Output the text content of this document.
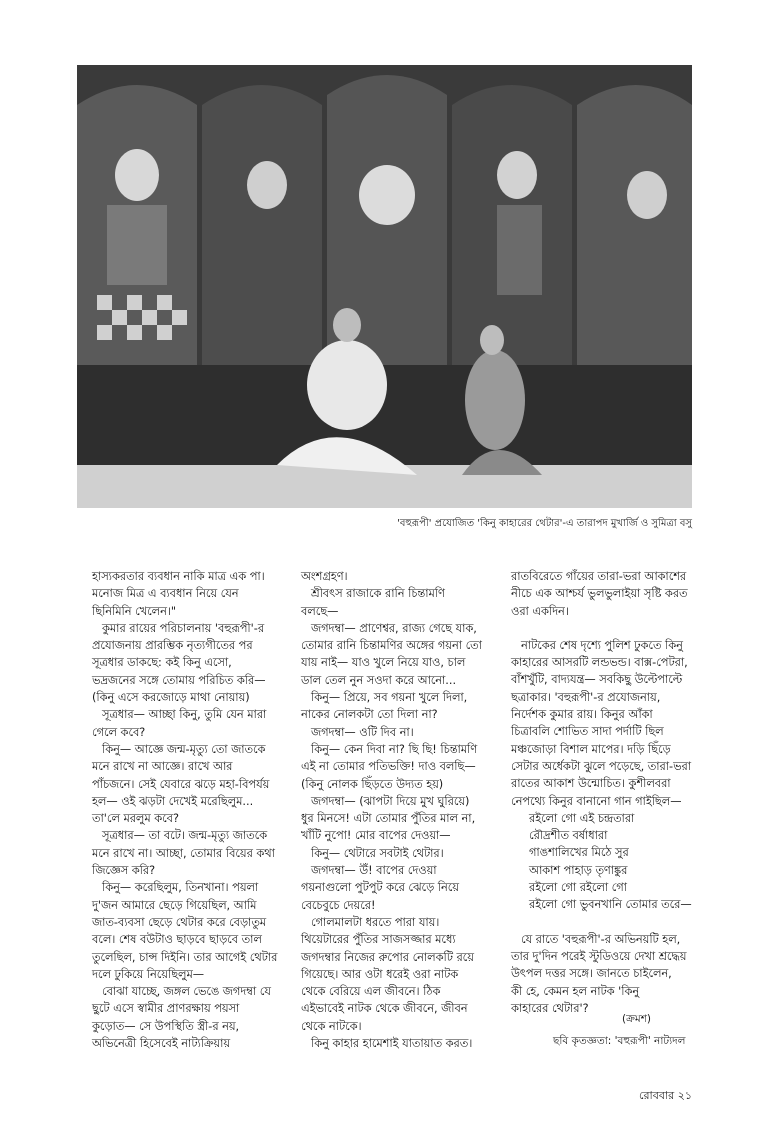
'বহুরূপী' প্রযোজিত 'কিনু কাহারের থেটার'-এ তারাপদ মুখার্জি ও সুমিত্রা বসু

হাস্যকরতার ব্যবধান নাকি মাত্র এক পা।

মনোজ মিত্র এ ব্যবধান নিয়ে যেন

ছিনিমিনি খেলেন।"

কুমার রায়ের পরিচালনায় 'বহুরূপী'-র

প্রযোজনায় প্রারম্ভিক নৃত্যগীতের পর

সূত্রধার ডাকছে: কই কিনু এসো,

ভদ্রজনের সঙ্গে তোমায় পরিচিত করি—

(কিনু এসে করজোড়ে মাথা নোয়ায়)

সূত্রধার— আচ্ছা কিনু, তুমি যেন মারা

গেলে কবে?

কিনু— আজ্ঞে জন্ম-মৃত্যু তো জাতকে

মনে রাখে না আজ্ঞে। রাখে আর

পাঁচজনে। সেই যেবারে ঝড়ে মহা-বিপর্যয়

হল— ওই ঝড়টা দেখেই মরেছিলুম...

তা'লে মরলুম কবে?

সূত্রধার— তা বটে। জন্ম-মৃত্যু জাতকে

মনে রাখে না। আচ্ছা, তোমার বিয়ের কথা

জিজ্ঞেস করি?

কিনু— করেছিলুম, তিনখানা। পয়লা

দু'জন আমারে ছেড়ে গিয়েছিল, আমি

জাত-ব্যবসা ছেড়ে থেটার করে বেড়াতুম

বলে। শেষ বউটাও ছাড়বে ছাড়বে তাল

তুলেছিল, চান্স দিইনি। তার আগেই থেটার

দলে ঢুকিয়ে নিয়েছিলুম—

বোঝা যাচ্ছে, জঙ্গল ভেঙে জগদম্বা যে

ছুটে এসে স্বামীর প্রাণরক্ষায় পয়সা

কুড়োত— সে উপস্থিতি স্ত্রী-র নয়,

অভিনেত্রী হিসেবেই নাট্যক্রিয়ায়

অংশগ্রহণ।

শ্রীবৎস রাজাকে রানি চিন্তামণি

বলছে—

জগদম্বা— প্রাণেশ্বর, রাজ্য গেছে যাক,

তোমার রানি চিন্তামণির অঙ্গের গয়না তো

যায় নাই— যাও খুলে নিয়ে যাও, চাল

ডাল তেল নুন সওদা করে আনো...

কিনু— প্রিয়ে, সব গয়না খুলে দিলা,

নাকের নোলকটা তো দিলা না?

জগদম্বা— ওটি দিব না।

কিনু— কেন দিবা না? ছি ছি! চিন্তামণি

এই না তোমার পতিভক্তি! দাও বলছি—

(কিনু নোলক ছিঁড়তে উদ্যত হয়)

জগদম্বা— (ঝাপটা দিয়ে মুখ ঘুরিয়ে)

ধুর মিনসে! এটা তোমার পুঁতির মাল না,

খাঁটি নুপো! মোর বাপের দেওয়া—

কিনু— থেটারে সবটাই থেটার।

জগদম্বা— উঁ! বাপের দেওয়া

গয়নাগুলো পুটপুট করে ঝেড়ে নিয়ে

বেচেবুচে দেয়রে!

গোলমালটা ধরতে পারা যায়।

থিয়েটারের পুঁতির সাজসজ্জার মধ্যে

জগদম্বার নিজের রুপোর নোলকটি রয়ে

গিয়েছে। আর ওটা ধরেই ওরা নাটক

থেকে বেরিয়ে এল জীবনে। ঠিক

এইভাবেই নাটক থেকে জীবনে, জীবন

থেকে নাটকে।

কিনু কাহার হামেশাই যাতায়াত করত।

রাতবিরেতে গাঁয়ের তারা-ভরা আকাশের

নীচে এক আশ্চর্য ভুলভুলাইয়া সৃষ্টি করত

ওরা একদিন।

নাটকের শেষ দৃশ্যে পুলিশ ঢুকতে কিনু

কাহারের আসরটি লন্ডভন্ড। বাক্স-পেটরা,

বাঁশখুঁটি, বাদ্যযন্ত্র— সবকিছু উল্টেপাল্টে

ছত্রাকার। 'বহুরূপী'-র প্রযোজনায়,

নির্দেশক কুমার রায়। কিনুর আঁকা

চিত্রাবলি শোভিত সাদা পর্দাটি ছিল

মঞ্চজোড়া বিশাল মাপের। দড়ি ছিঁড়ে

সেটার অর্ধেকটা ঝুলে পড়েছে, তারা-ভরা

রাতের আকাশ উন্মোচিত। কুশীলবরা

নেপথ্যে কিনুর বানানো গান গাইছিল—

রইলো গো এই চন্দ্রতারা

রৌদ্রশীত বর্ষাধারা

গাঙশালিখের মিঠে সুর

আকাশ পাহাড় তৃণাঙ্কুর

রইলো গো রইলো গো

রইলো গো ভুবনখানি তোমার তরে—

যে রাতে 'বহুরূপী'-র অভিনয়টি হল,

তার দু'দিন পরেই স্টুডিওয়ে দেখা শ্রদ্ধেয়

উৎপল দত্তর সঙ্গে। জানতে চাইলেন,

কী হে, কেমন হল নাটক 'কিনু

কাহারের থেটার'?

(ক্রমশ)
ছবি কৃতজ্ঞতা: 'বহুরূপী' নাট্যদল
রোববার ২১
